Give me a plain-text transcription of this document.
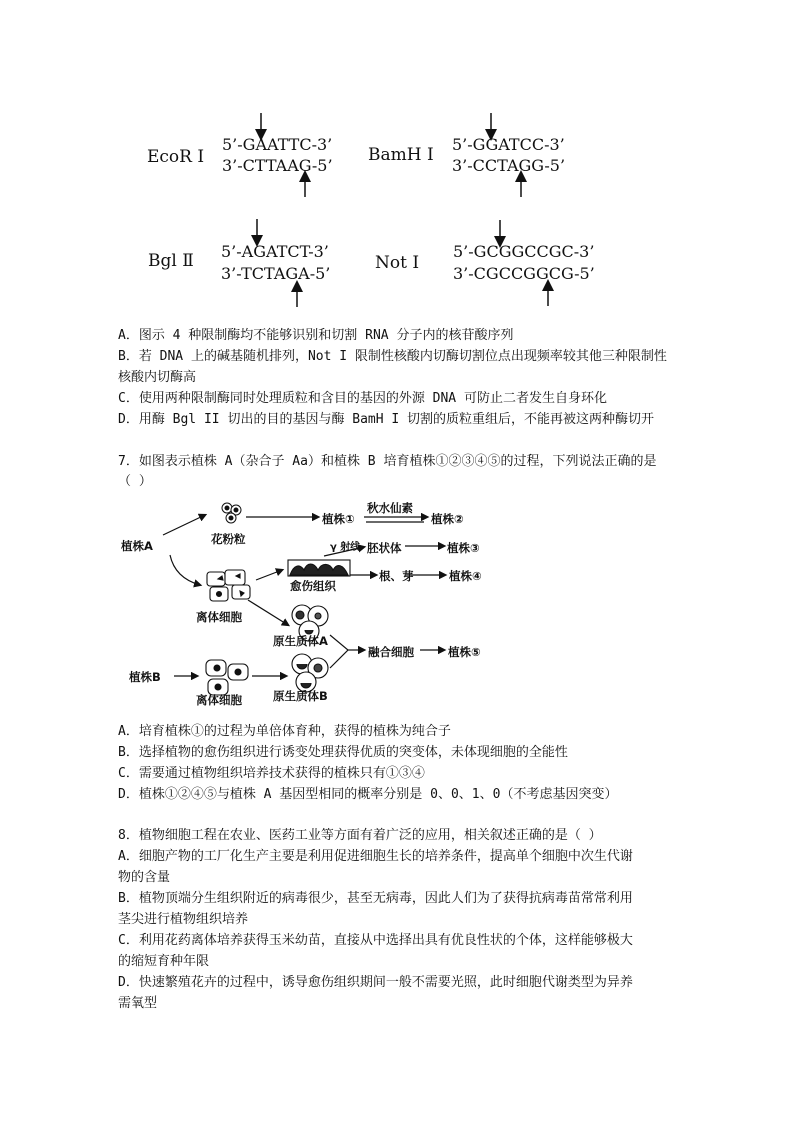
EcoR Ⅰ
5’-GAATTC-3’
3’-CTTAAG-5’
BamH Ⅰ
5’-GGATCC-3’
3’-CCTAGG-5’
Bgl Ⅱ 5’-AGATCT-3’
3’-TCTAGA-5’
Not Ⅰ
5’-GCGGCCGC-3’
3’-CGCCGGCG-5’
A．图示 4 种限制酶均不能够识别和切割 RNA 分子内的核苷酸序列
B．若 DNA 上的碱基随机排列，Not I 限制性核酸内切酶切割位点出现频率较其他三种限制性
核酸内切酶高
C．使用两种限制酶同时处理质粒和含目的基因的外源 DNA 可防止二者发生自身环化
D．用酶 Bgl II 切出的目的基因与酶 BamH I 切割的质粒重组后，不能再被这两种酶切开
7．如图表示植株 A（杂合子 Aa）和植株 B 培育植株①②③④⑤的过程，下列说法正确的是
（ ）
植株A	花粉粒
植株①
秋水仙素
植株②
γ 射线 胚状体	植株③
根、芽	植株④
愈伤组织
离体细胞
原生质体A
融合细胞	植株⑤
植株B
离体细胞	原生质体B
A．培育植株①的过程为单倍体育种，获得的植株为纯合子
B．选择植物的愈伤组织进行诱变处理获得优质的突变体，未体现细胞的全能性
C．需要通过植物组织培养技术获得的植株只有①③④
D．植株①②④⑤与植株 A 基因型相同的概率分别是 0、0、1、0（不考虑基因突变）
8．植物细胞工程在农业、医药工业等方面有着广泛的应用，相关叙述正确的是（ ）
A．细胞产物的工厂化生产主要是利用促进细胞生长的培养条件，提高单个细胞中次生代谢
物的含量
B．植物顶端分生组织附近的病毒很少，甚至无病毒，因此人们为了获得抗病毒苗常常利用
茎尖进行植物组织培养
C．利用花药离体培养获得玉米幼苗，直接从中选择出具有优良性状的个体，这样能够极大
的缩短育种年限
D．快速繁殖花卉的过程中，诱导愈伤组织期间一般不需要光照，此时细胞代谢类型为异养
需氧型
